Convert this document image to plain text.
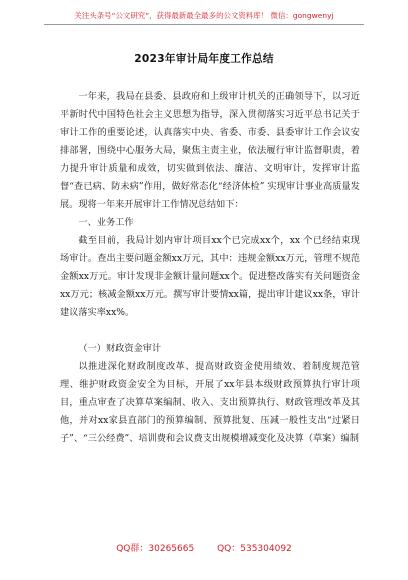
关注头条号“公文研究”，获得最新最全最多的公文资料库！ 微信：gongwenyj
2023年审计局年度工作总结

一年来，我局在县委、县政府和上级审计机关的正确领导下，以习近平新时代中国特色社会主义思想为指导，深入贯彻落实习近平总书记关于审计工作的重要论述，认真落实中央、省委、市委、县委审计工作会议安排部署，围绕中心服务大局，聚焦主责主业，依法履行审计监督职责，着力提升审计质量和成效，切实做到依法、廉洁、文明审计，发挥审计监督“查已病、防未病”作用，做好常态化“经济体检” 实现审计事业高质量发展。现将一年来开展审计工作情况总结如下：

一、业务工作

截至目前，我局计划内审计项目xx个已完成xx个，xx 个已经结束现场审计。查出主要问题金额xx万元，其中：违规金额xx万元，管理不规范金额xx万元。审计发现非金额计量问题xx个。促进整改落实有关问题资金xx万元；核减金额xx万元。撰写审计要情xx篇，提出审计建议xx条，审计建议落实率xx%。

（一）财政资金审计

以推进深化财政制度改革、提高财政资金使用绩效、着制度规范管理、维护财政资金安全为目标，开展了xx年县本级财政预算执行审计项目，重点审查了决算草案编制、收入、支出预算执行、财政管理改革及其他，并对xx家县直部门的预算编制、预算批复、压减一般性支出“过紧日子”、“三公经费”、培训费和会议费支出规模增减变化及决算（草案）编制

QQ群：30265665	QQ：535304092
